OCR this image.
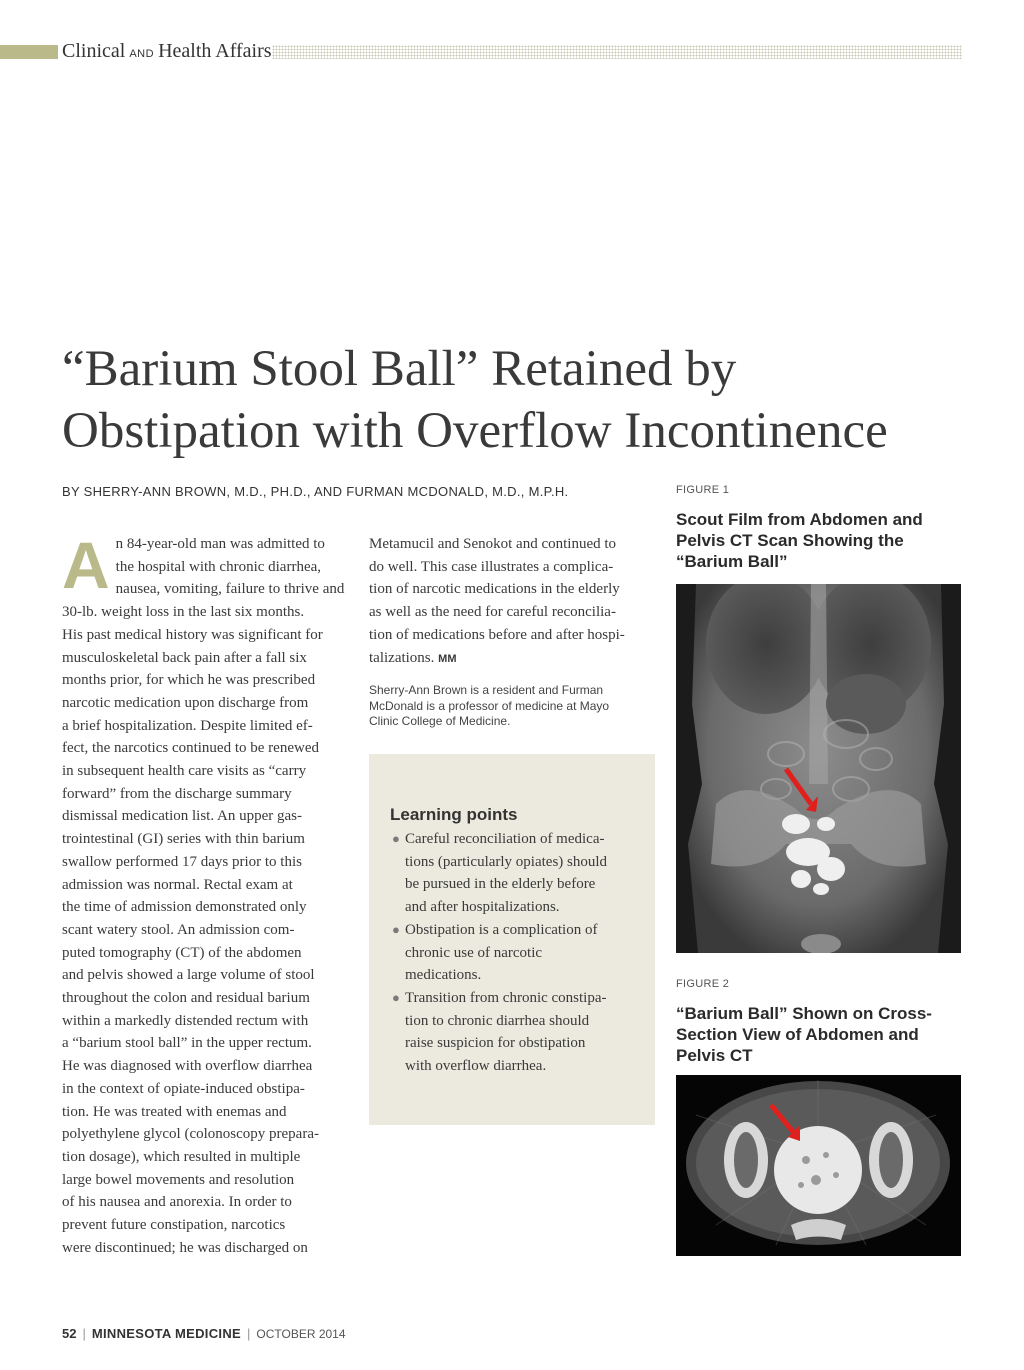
Clinical AND Health Affairs
“Barium Stool Ball” Retained by
Obstipation with Overflow Incontinence
BY SHERRY-ANN BROWN, M.D., PH.D., AND FURMAN MCDONALD, M.D., M.P.H.
A n 84-year-old man was admitted to
the hospital with chronic diarrhea,
nausea, vomiting, failure to thrive and
30-lb. weight loss in the last six months.
His past medical history was significant for
musculoskeletal back pain after a fall six
months prior, for which he was prescribed
narcotic medication upon discharge from
a brief hospitalization. Despite limited ef-
fect, the narcotics continued to be renewed
in subsequent health care visits as “carry
forward” from the discharge summary
dismissal medication list. An upper gas-
trointestinal (GI) series with thin barium
swallow performed 17 days prior to this
admission was normal. Rectal exam at
the time of admission demonstrated only
scant watery stool. An admission com-
puted tomography (CT) of the abdomen
and pelvis showed a large volume of stool
throughout the colon and residual barium
within a markedly distended rectum with
a “barium stool ball” in the upper rectum.
He was diagnosed with overflow diarrhea
in the context of opiate-induced obstipa-
tion. He was treated with enemas and
polyethylene glycol (colonoscopy prepara-
tion dosage), which resulted in multiple
large bowel movements and resolution
of his nausea and anorexia. In order to
prevent future constipation, narcotics
were discontinued; he was discharged on
Metamucil and Senokot and continued to
do well. This case illustrates a complica-
tion of narcotic medications in the elderly
as well as the need for careful reconcilia-
tion of medications before and after hospi-
talizations. MM
Sherry-Ann Brown is a resident and Furman
McDonald is a professor of medicine at Mayo
Clinic College of Medicine.
Learning points
● Careful reconciliation of medica-
tions (particularly opiates) should
be pursued in the elderly before
and after hospitalizations.
● Obstipation is a complication of
chronic use of narcotic
medications.
● Transition from chronic constipa-
tion to chronic diarrhea should
raise suspicion for obstipation
with overflow diarrhea.
FIGURE 1
Scout Film from Abdomen and
Pelvis CT Scan Showing the
“Barium Ball”
FIGURE 2
“Barium Ball” Shown on Cross-
Section View of Abdomen and
Pelvis CT
52 | MINNESOTA MEDICINE | OCTOBER 2014
